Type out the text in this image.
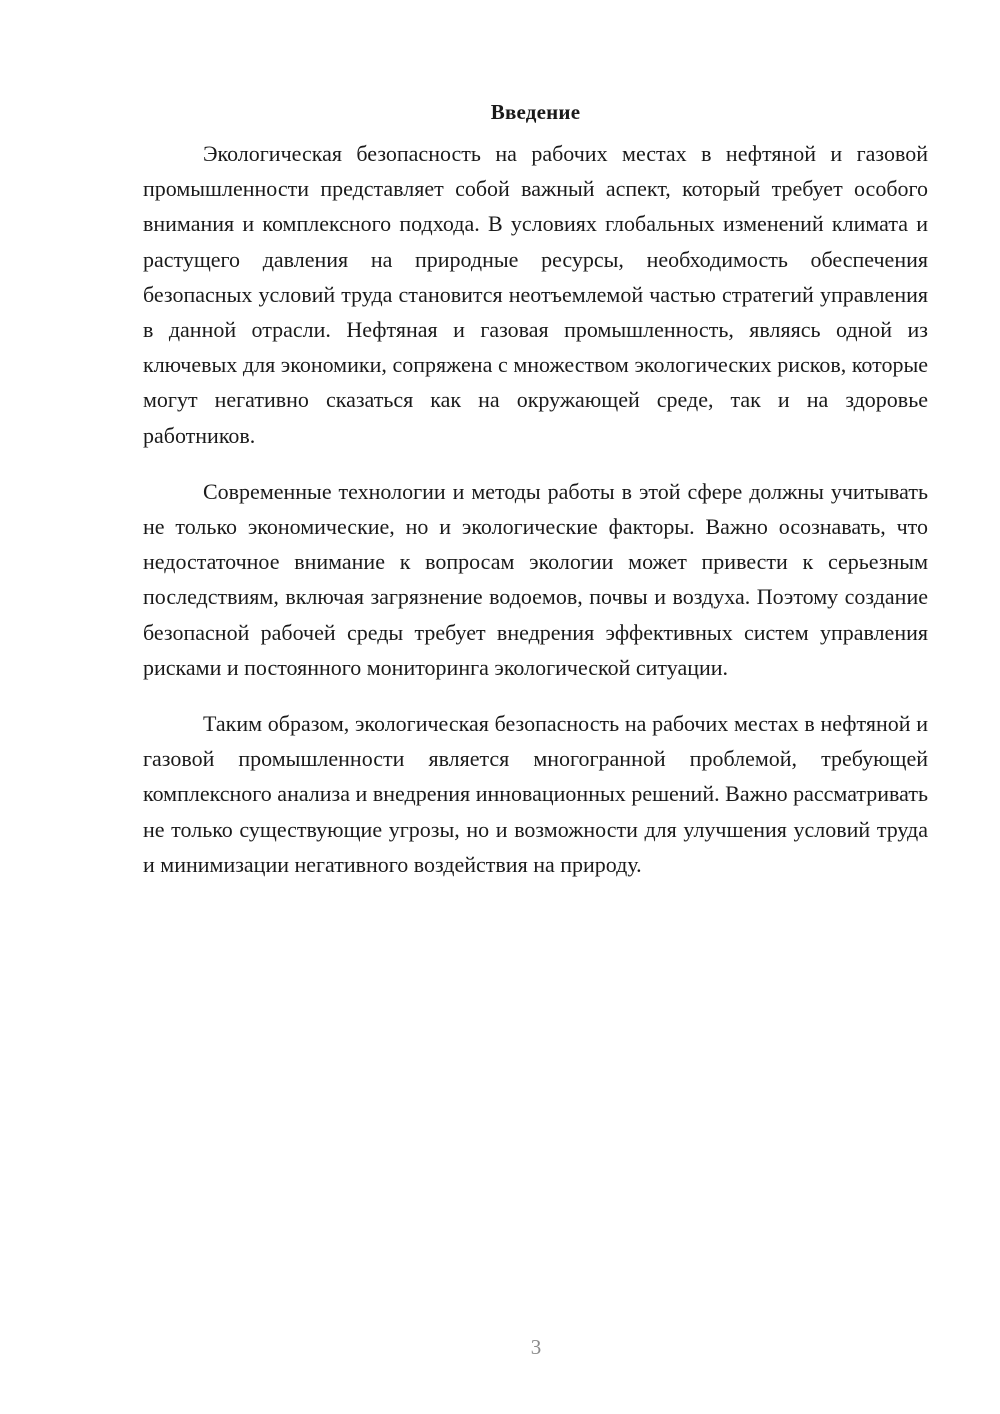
Введение

Экологическая безопасность на рабочих местах в нефтяной и газовой промышленности представляет собой важный аспект, который требует особого внимания и комплексного подхода. В условиях глобальных изменений климата и растущего давления на природные ресурсы, необходимость обеспечения безопасных условий труда становится неотъемлемой частью стратегий управления в данной отрасли. Нефтяная и газовая промышленность, являясь одной из ключевых для экономики, сопряжена с множеством экологических рисков, которые могут негативно сказаться как на окружающей среде, так и на здоровье работников.

Современные технологии и методы работы в этой сфере должны учитывать не только экономические, но и экологические факторы. Важно осознавать, что недостаточное внимание к вопросам экологии может привести к серьезным последствиям, включая загрязнение водоемов, почвы и воздуха. Поэтому создание безопасной рабочей среды требует внедрения эффективных систем управления рисками и постоянного мониторинга экологической ситуации.

Таким образом, экологическая безопасность на рабочих местах в нефтяной и газовой промышленности является многогранной проблемой, требующей комплексного анализа и внедрения инновационных решений. Важно рассматривать не только существующие угрозы, но и возможности для улучшения условий труда и минимизации негативного воздействия на природу.

3
